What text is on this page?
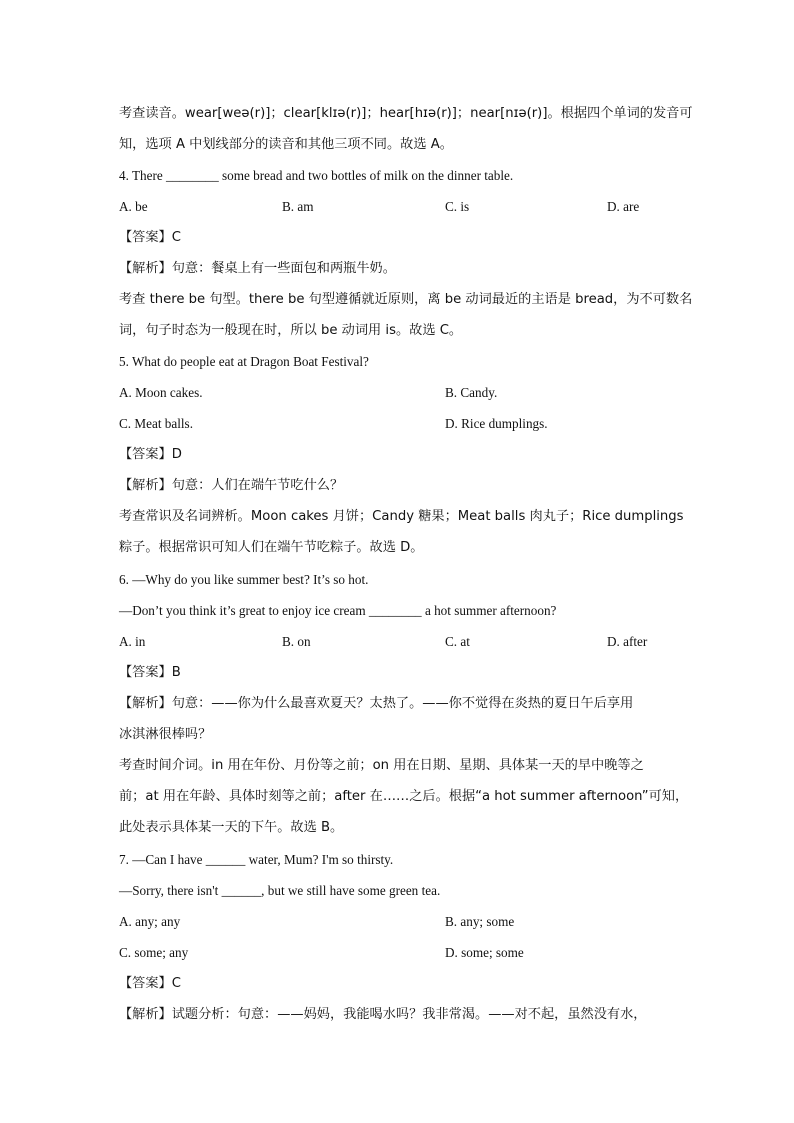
考查读音。wear[weə(r)]；clear[klɪə(r)]；hear[hɪə(r)]；near[nɪə(r)]。根据四个单词的发音可
知，选项 A 中划线部分的读音和其他三项不同。故选 A。
4. There ________ some bread and two bottles of milk on the dinner table.
A. be	B. am	C. is	D. are
【答案】C
【解析】句意：餐桌上有一些面包和两瓶牛奶。
考查 there be 句型。there be 句型遵循就近原则，离 be 动词最近的主语是 bread，为不可数名
词，句子时态为一般现在时，所以 be 动词用 is。故选 C。
5. What do people eat at Dragon Boat Festival?
A. Moon cakes.	B. Candy.
C. Meat balls.	D. Rice dumplings.
【答案】D
【解析】句意：人们在端午节吃什么？
考查常识及名词辨析。Moon cakes 月饼；Candy 糖果；Meat balls 肉丸子；Rice dumplings
粽子。根据常识可知人们在端午节吃粽子。故选 D。
6. —Why do you like summer best? It’s so hot.
—Don’t you think it’s great to enjoy ice cream ________ a hot summer afternoon?
A. in	B. on	C. at	D. after
【答案】B
【解析】句意：——你为什么最喜欢夏天？太热了。——你不觉得在炎热的夏日午后享用
冰淇淋很棒吗？
考查时间介词。in 用在年份、月份等之前；on 用在日期、星期、具体某一天的早中晚等之
前；at 用在年龄、具体时刻等之前；after 在……之后。根据“a hot summer afternoon”可知，
此处表示具体某一天的下午。故选 B。
7. —Can I have ______ water, Mum? I'm so thirsty.
—Sorry, there isn't ______, but we still have some green tea.
A. any; any	B. any; some
C. some; any	D. some; some
【答案】C
【解析】试题分析：句意：——妈妈，我能喝水吗？我非常渴。——对不起，虽然没有水，
